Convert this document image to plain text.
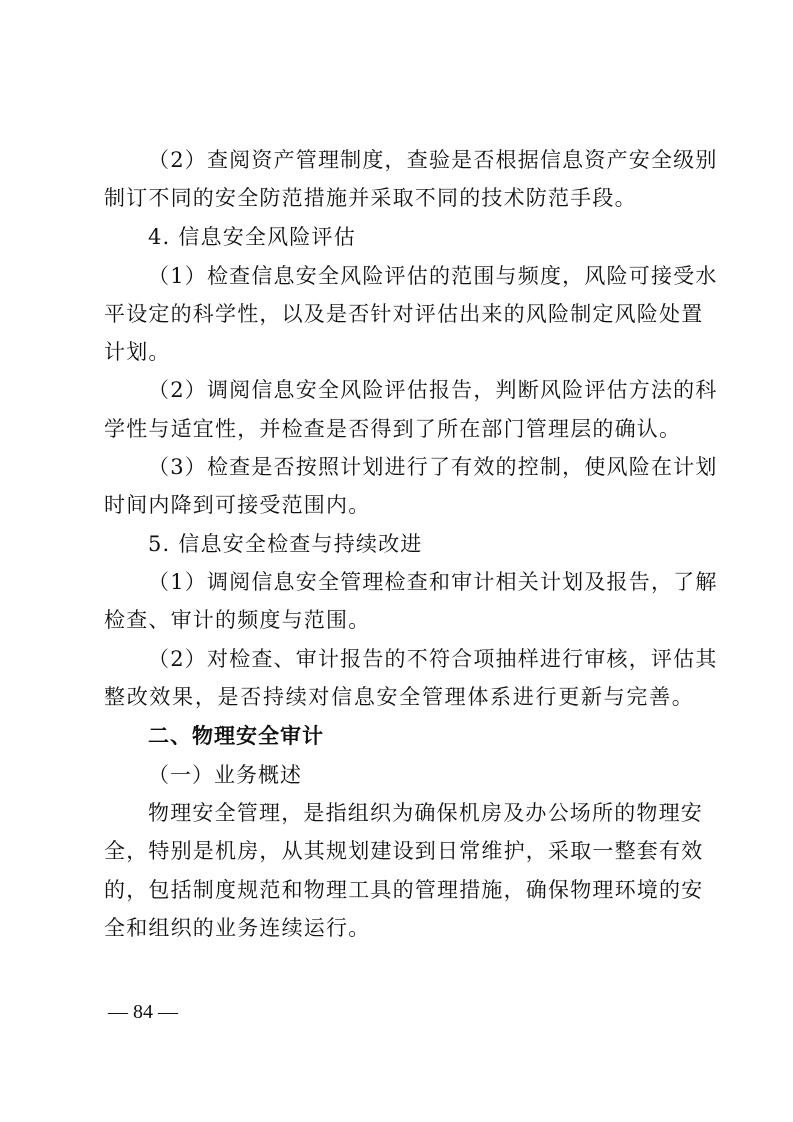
（2）查阅资产管理制度，查验是否根据信息资产安全级别
制订不同的安全防范措施并采取不同的技术防范手段。
4. 信息安全风险评估
（1）检查信息安全风险评估的范围与频度，风险可接受水
平设定的科学性，以及是否针对评估出来的风险制定风险处置
计划。
（2）调阅信息安全风险评估报告，判断风险评估方法的科
学性与适宜性，并检查是否得到了所在部门管理层的确认。
（3）检查是否按照计划进行了有效的控制，使风险在计划
时间内降到可接受范围内。
5. 信息安全检查与持续改进
（1）调阅信息安全管理检查和审计相关计划及报告，了解
检查、审计的频度与范围。
（2）对检查、审计报告的不符合项抽样进行审核，评估其
整改效果，是否持续对信息安全管理体系进行更新与完善。
二、物理安全审计
（一）业务概述
物理安全管理，是指组织为确保机房及办公场所的物理安
全，特别是机房，从其规划建设到日常维护，采取一整套有效
的，包括制度规范和物理工具的管理措施，确保物理环境的安
全和组织的业务连续运行。
— 84 —
